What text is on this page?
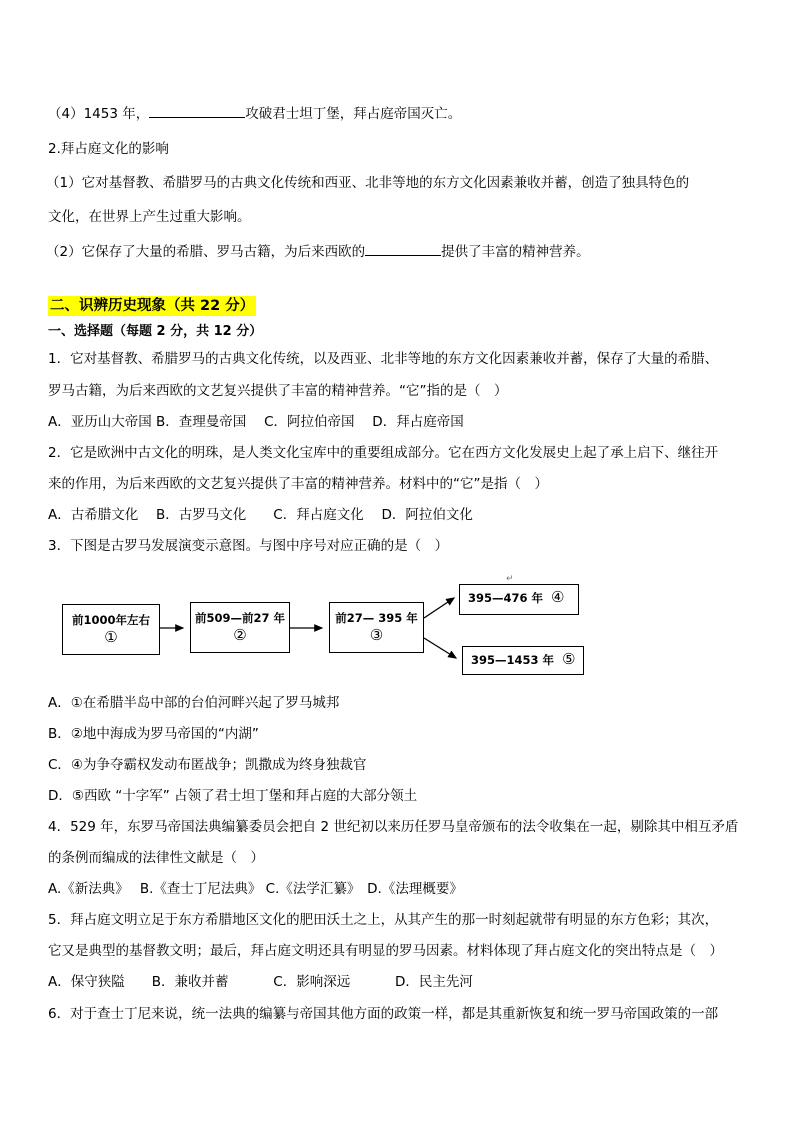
（4）1453 年，	攻破君士坦丁堡，拜占庭帝国灭亡。
2.拜占庭文化的影响
（1）它对基督教、希腊罗马的古典文化传统和西亚、北非等地的东方文化因素兼收并蓄，创造了独具特色的
文化，在世界上产生过重大影响。
（2）它保存了大量的希腊、罗马古籍，为后来西欧的	提供了丰富的精神营养。
二、识辨历史现象（共 22 分）
一、选择题（每题 2 分，共 12 分）
1．它对基督教、希腊罗马的古典文化传统，以及西亚、北非等地的东方文化因素兼收并蓄，保存了大量的希腊、
罗马古籍，为后来西欧的文艺复兴提供了丰富的精神营养。“它”指的是（　）
A．亚历山大帝国 B．查理曼帝国　 C．阿拉伯帝国　 D．拜占庭帝国
2．它是欧洲中古文化的明珠，是人类文化宝库中的重要组成部分。它在西方文化发展史上起了承上启下、继往开
来的作用，为后来西欧的文艺复兴提供了丰富的精神营养。材料中的“它”是指（　）
A．古希腊文化　 B．古罗马文化　　C．拜占庭文化　 D．阿拉伯文化
3．下图是古罗马发展演变示意图。与图中序号对应正确的是（　）
↵
前1000年左右
①
前509—前27 年
②
前27— 395 年
③
395—476 年 ④
395—1453 年 ⑤
A．①在希腊半岛中部的台伯河畔兴起了罗马城邦
B．②地中海成为罗马帝国的“内湖”
C．④为争夺霸权发动布匿战争；凯撒成为终身独裁官
D．⑤西欧 “十字军” 占领了君士坦丁堡和拜占庭的大部分领土
4．529 年，东罗马帝国法典编纂委员会把自 2 世纪初以来历任罗马皇帝颁布的法令收集在一起，剔除其中相互矛盾
的条例而编成的法律性文献是（　）
A.《新法典》　 B.《查士丁尼法典》 C.《法学汇纂》　D.《法理概要》
5．拜占庭文明立足于东方希腊地区文化的肥田沃土之上，从其产生的那一时刻起就带有明显的东方色彩；其次，
它又是典型的基督教文明；最后，拜占庭文明还具有明显的罗马因素。材料体现了拜占庭文化的突出特点是（　）
A．保守狭隘　　B．兼收并蓄　　　 C．影响深远　　　 D．民主先河
6．对于查士丁尼来说，统一法典的编纂与帝国其他方面的政策一样，都是其重新恢复和统一罗马帝国政策的一部
